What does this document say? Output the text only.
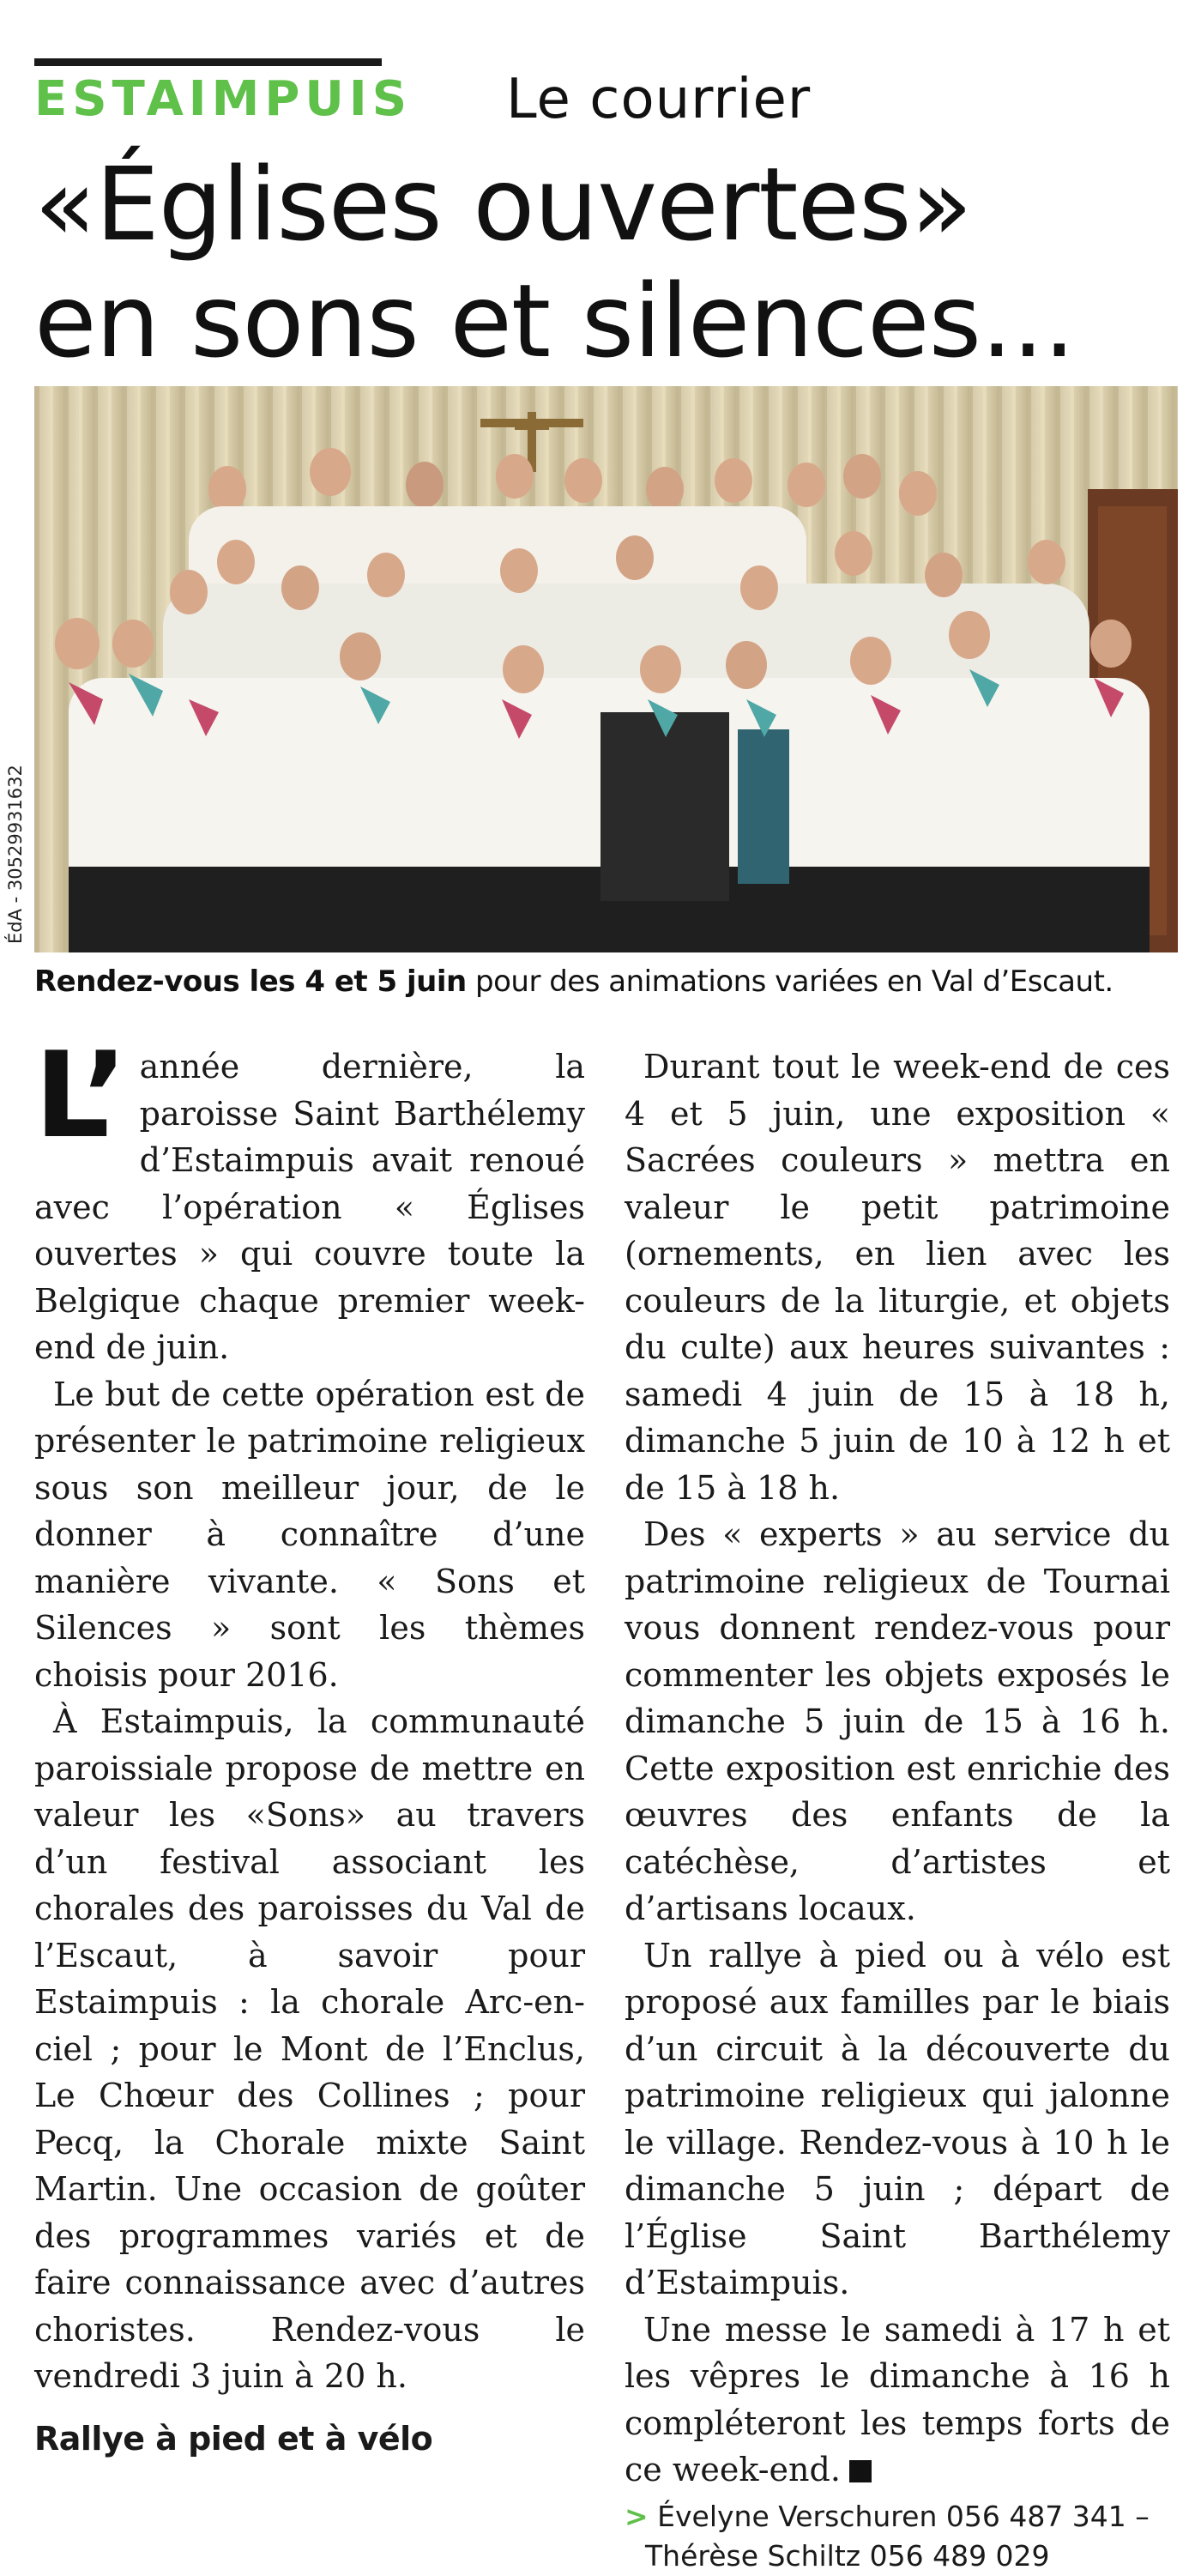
ESTAIMPUIS Le courrier
«Églises ouvertes»
en sons et silences...
ÉdA - 30529931632
Rendez-vous les 4 et 5 juin pour des animations variées en Val d’Escaut.

L’ année dernière, la paroisse Saint Barthélemy d’Estaimpuis avait renoué avec l’opération « Églises ouvertes » qui couvre toute la Belgique chaque premier week-end de juin.

Le but de cette opération est de présenter le patrimoine religieux sous son meilleur jour, de le donner à connaître d’une manière vivante. « Sons et Silences » sont les thèmes choisis pour 2016.

À Estaimpuis, la communauté paroissiale propose de mettre en valeur les «Sons» au travers d’un festival associant les chorales des paroisses du Val de l’Escaut, à savoir pour Estaimpuis : la chorale Arc-en-ciel ; pour le Mont de l’Enclus, Le Chœur des Collines ; pour Pecq, la Chorale mixte Saint Martin. Une occasion de goûter des programmes variés et de faire connaissance avec d’autres choristes. Rendez-vous le vendredi 3 juin à 20 h.

Rallye à pied et à vélo

Durant tout le week-end de ces 4 et 5 juin, une exposition « Sacrées couleurs » mettra en valeur le petit patrimoine (ornements, en lien avec les couleurs de la liturgie, et objets du culte) aux heures suivantes : samedi 4 juin de 15 à 18 h, dimanche 5 juin de 10 à 12 h et de 15 à 18 h.

Des « experts » au service du patrimoine religieux de Tournai vous donnent rendez-vous pour commenter les objets exposés le dimanche 5 juin de 15 à 16 h. Cette exposition est enrichie des œuvres des enfants de la catéchèse, d’artistes et d’artisans locaux.

Un rallye à pied ou à vélo est proposé aux familles par le biais d’un circuit à la découverte du patrimoine religieux qui jalonne le village. Rendez-vous à 10 h le dimanche 5 juin ; départ de l’Église Saint Barthélemy d’Estaimpuis.

Une messe le samedi à 17 h et les vêpres le dimanche à 16 h compléteront les temps forts de ce week-end.

> Évelyne Verschuren 056 487 341 –
Thérèse Schiltz 056 489 029
